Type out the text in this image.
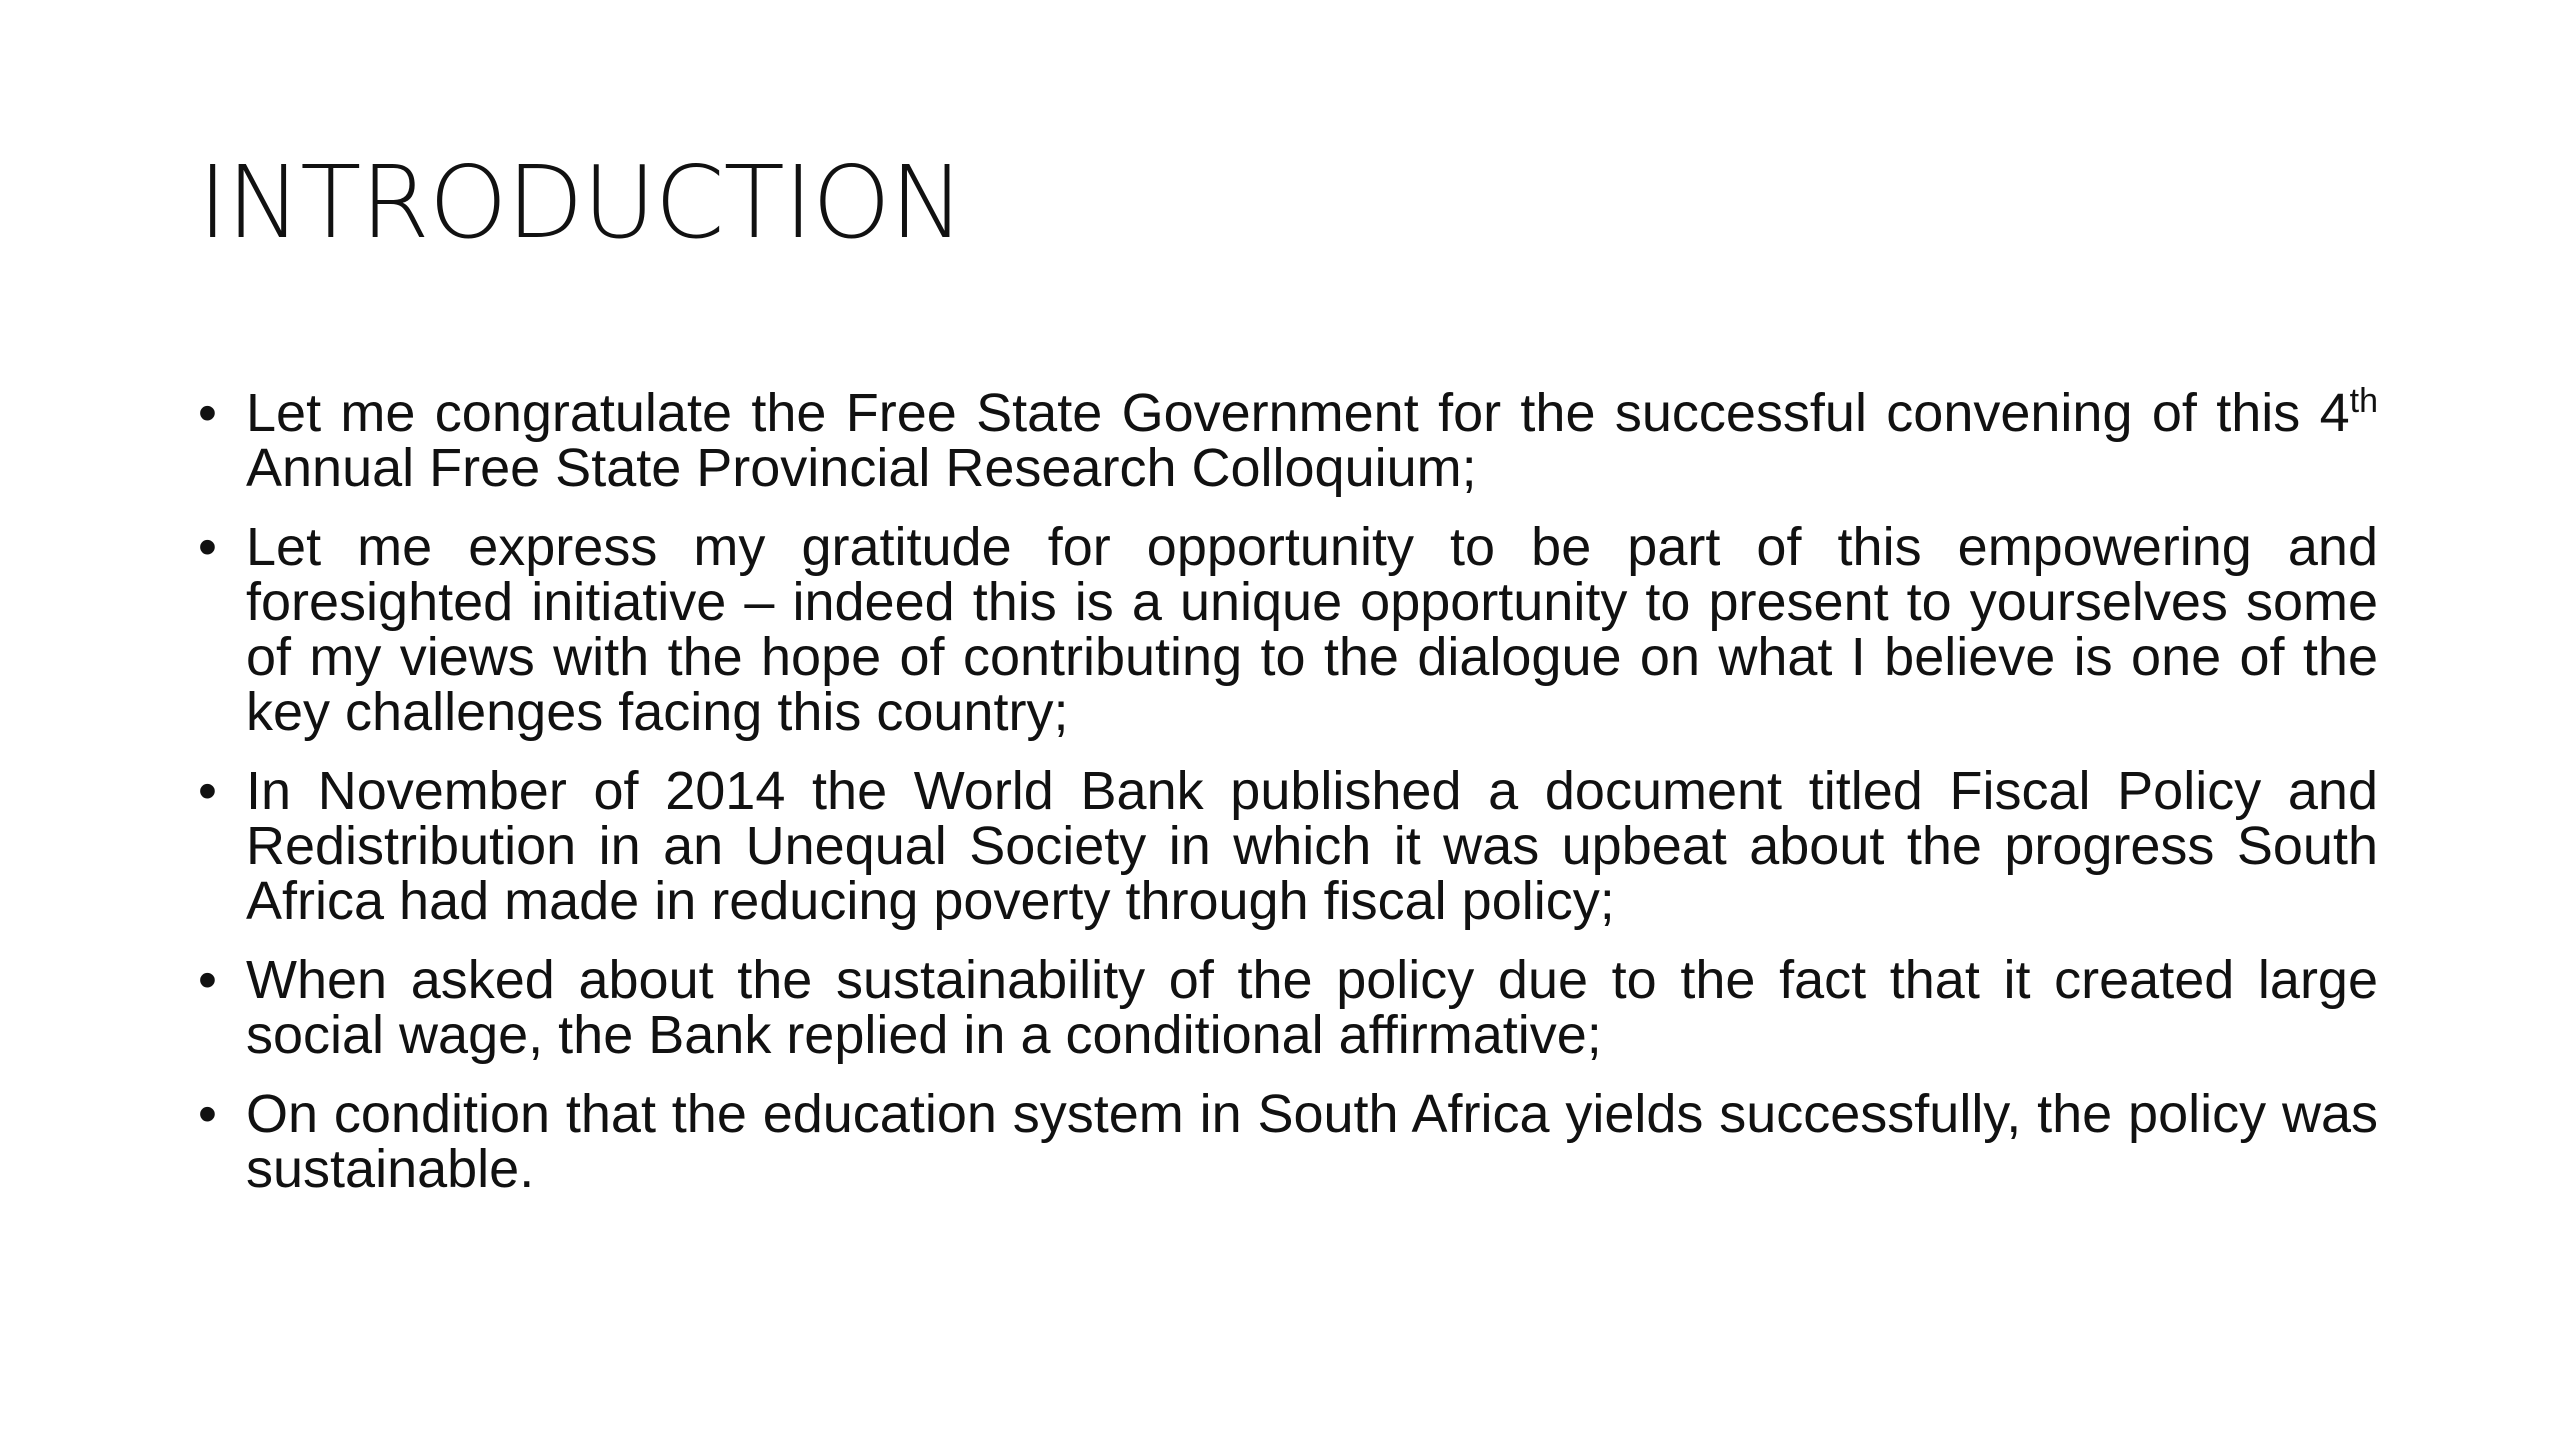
INTRODUCTION
• Let me congratulate the Free State Government for the successful convening of this 4th Annual Free State Provincial Research Colloquium;
• Let me express my gratitude for opportunity to be part of this empowering and foresighted initiative – indeed this is a unique opportunity to present to yourselves some of my views with the hope of contributing to the dialogue on what I believe is one of the key challenges facing this country;
• In November of 2014 the World Bank published a document titled Fiscal Policy and Redistribution in an Unequal Society in which it was upbeat about the progress South Africa had made in reducing poverty through fiscal policy;
• When asked about the sustainability of the policy due to the fact that it created large social wage, the Bank replied in a conditional affirmative;
• On condition that the education system in South Africa yields successfully, the policy was sustainable.
